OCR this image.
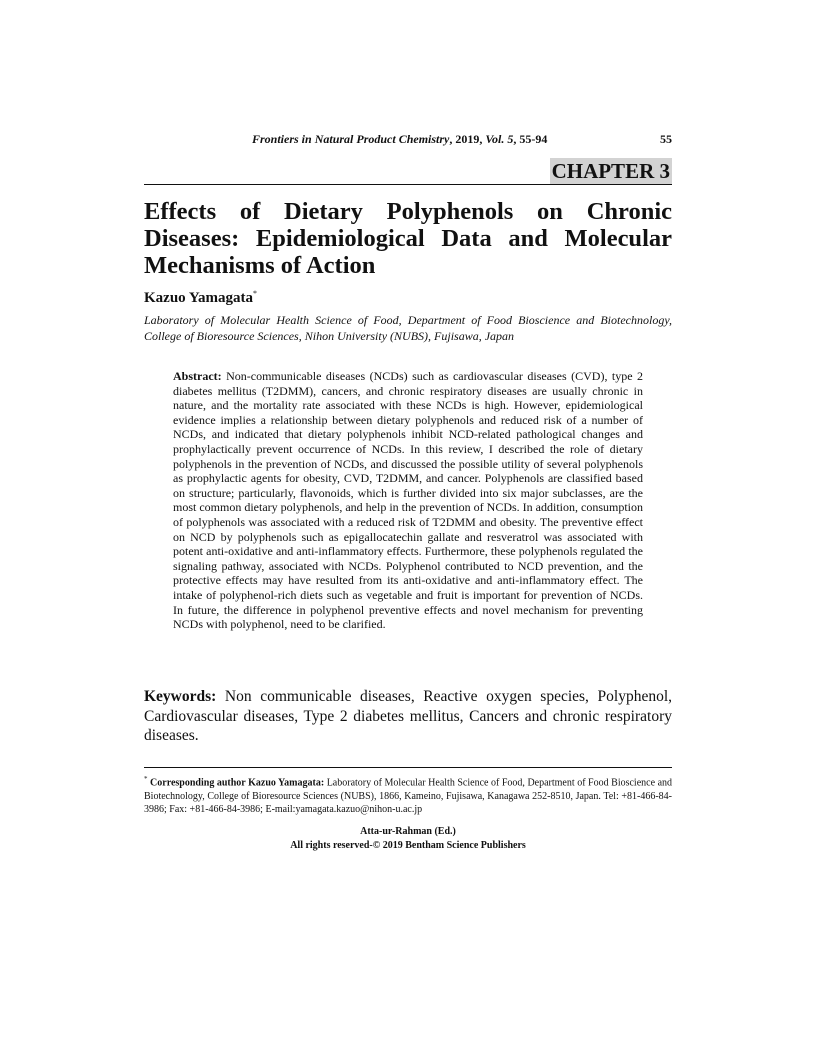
Frontiers in Natural Product Chemistry, 2019, Vol. 5, 55-94	55
CHAPTER 3
Effects of Dietary Polyphenols on Chronic Diseases: Epidemiological Data and Molecular Mechanisms of Action
Kazuo Yamagata*
Laboratory of Molecular Health Science of Food, Department of Food Bioscience and Biotechnology, College of Bioresource Sciences, Nihon University (NUBS), Fujisawa, Japan

Abstract: Non-communicable diseases (NCDs) such as cardiovascular diseases (CVD), type 2 diabetes mellitus (T2DMM), cancers, and chronic respiratory diseases are usually chronic in nature, and the mortality rate associated with these NCDs is high. However, epidemiological evidence implies a relationship between dietary polyphenols and reduced risk of a number of NCDs, and indicated that dietary polyphenols inhibit NCD-related pathological changes and prophylactically prevent occurrence of NCDs. In this review, I described the role of dietary polyphenols in the prevention of NCDs, and discussed the possible utility of several polyphenols as prophylactic agents for obesity, CVD, T2DMM, and cancer. Polyphenols are classified based on structure; particularly, flavonoids, which is further divided into six major subclasses, are the most common dietary polyphenols, and help in the prevention of NCDs. In addition, consumption of polyphenols was associated with a reduced risk of T2DMM and obesity. The preventive effect on NCD by polyphenols such as epigallocatechin gallate and resveratrol was associated with potent anti-oxidative and anti-inflammatory effects. Furthermore, these polyphenols regulated the signaling pathway, associated with NCDs. Polyphenol contributed to NCD prevention, and the protective effects may have resulted from its anti-oxidative and anti-inflammatory effect. The intake of polyphenol-rich diets such as vegetable and fruit is important for prevention of NCDs. In future, the difference in polyphenol preventive effects and novel mechanism for preventing NCDs with polyphenol, need to be clarified.

Keywords: Non communicable diseases, Reactive oxygen species, Polyphenol, Cardiovascular diseases, Type 2 diabetes mellitus, Cancers and chronic respiratory diseases.

* Corresponding author Kazuo Yamagata: Laboratory of Molecular Health Science of Food, Department of Food Bioscience and Biotechnology, College of Bioresource Sciences (NUBS), 1866, Kameino, Fujisawa, Kanagawa 252-8510, Japan. Tel: +81-466-84-3986; Fax: +81-466-84-3986; E-mail:yamagata.kazuo@nihon-u.ac.jp

Atta-ur-Rahman (Ed.)
All rights reserved-© 2019 Bentham Science Publishers
